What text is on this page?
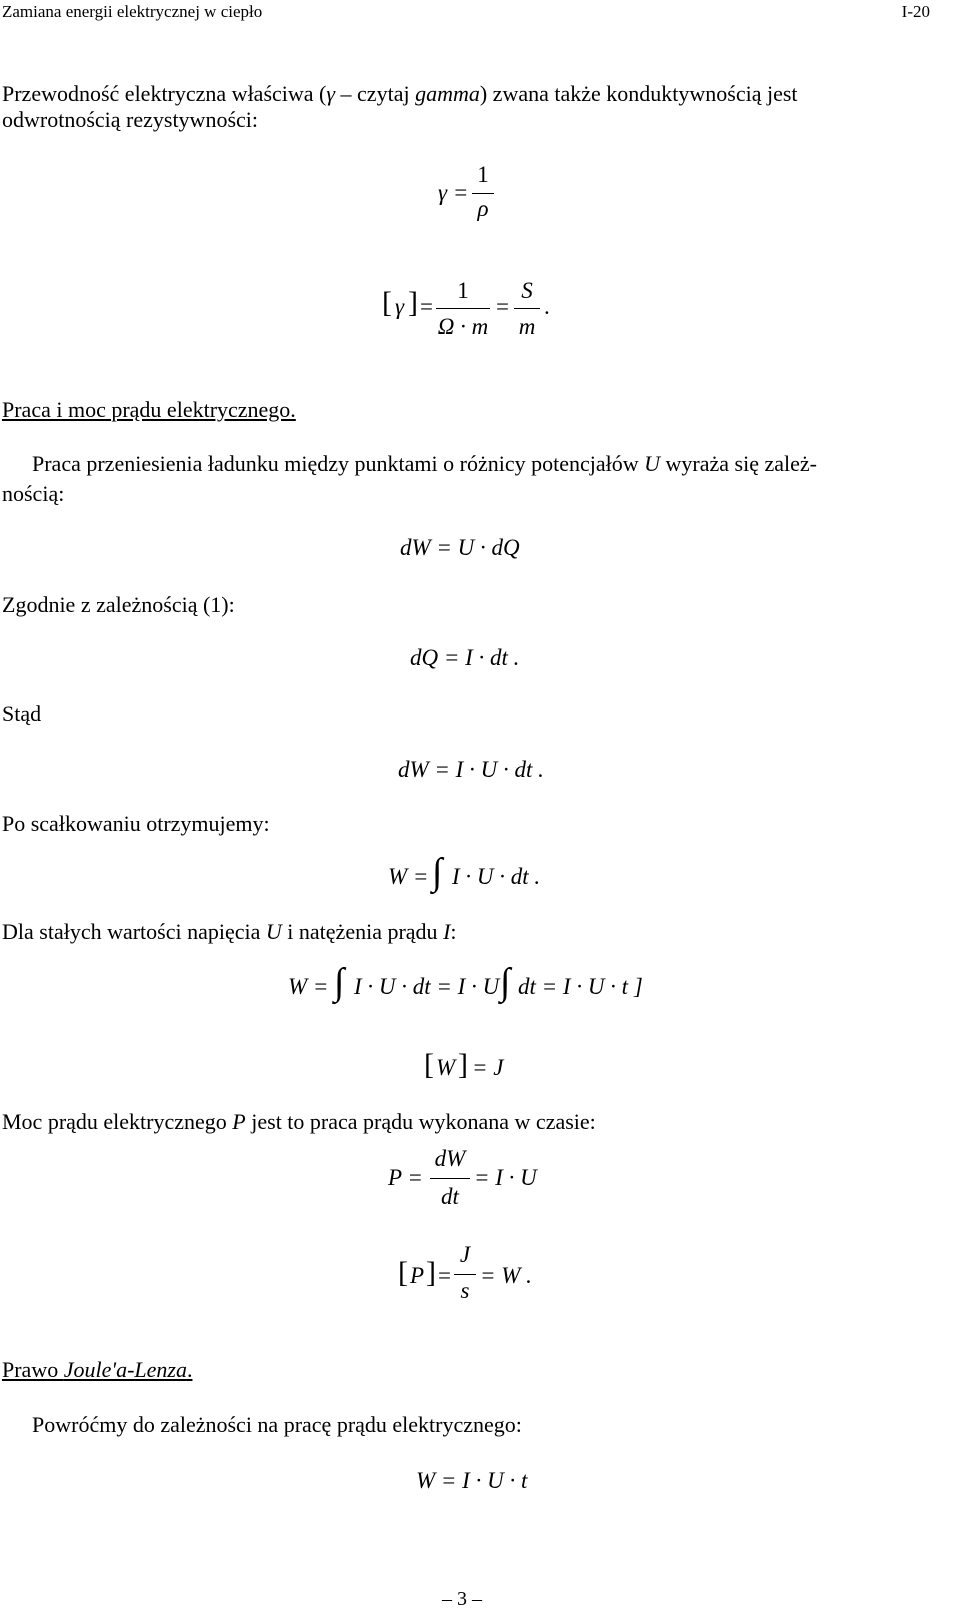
Zamiana energii elektrycznej w ciepło	I-20
Przewodność elektryczna właściwa (γ – czytaj gamma) zwana także konduktywnością jest
odwrotnością rezystywności:
γ =
1
ρ
[ γ ] =
1
Ω · m
=
S
m
.
Praca i moc prądu elektrycznego.
Praca przeniesienia ładunku między punktami o różnicy potencjałów U wyraża się zależ-
nością:
dW = U · dQ
Zgodnie z zależnością (1):
dQ = I · dt .
Stąd
dW = I · U · dt .
Po scałkowaniu otrzymujemy:
W = ∫ I · U · dt .
Dla stałych wartości napięcia U i natężenia prądu I:
W = ∫ I · U · dt = I · U ∫ dt = I · U · t ]
[ W ] = J
Moc prądu elektrycznego P jest to praca prądu wykonana w czasie:
P =
dW
dt
= I · U
[ P ] =
J
s
= W .
Prawo Joule'a-Lenza.
Powróćmy do zależności na pracę prądu elektrycznego:
W = I · U · t
– 3 –
